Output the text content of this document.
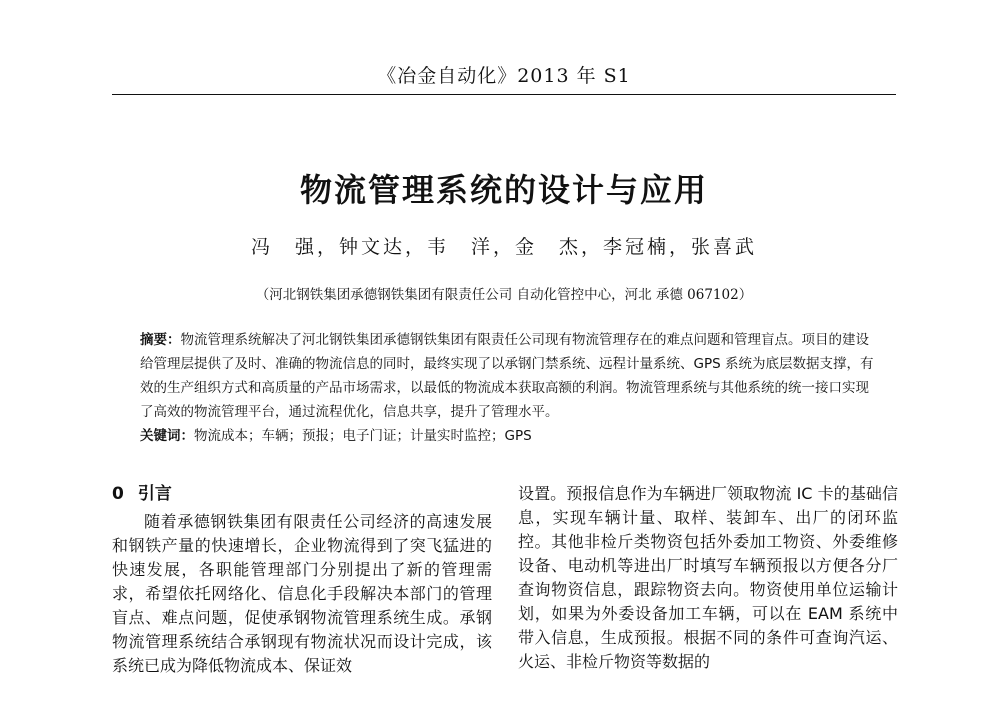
《冶金自动化》2013 年 S1
物流管理系统的设计与应用
冯　强，钟文达，韦　洋，金　杰，李冠楠，张喜武
（河北钢铁集团承德钢铁集团有限责任公司 自动化管控中心，河北 承德 067102）

摘要：物流管理系统解决了河北钢铁集团承德钢铁集团有限责任公司现有物流管理存在的难点问题和管理盲点。项目的建设给管理层提供了及时、准确的物流信息的同时，最终实现了以承钢门禁系统、远程计量系统、GPS 系统为底层数据支撑，有效的生产组织方式和高质量的产品市场需求，以最低的物流成本获取高额的利润。物流管理系统与其他系统的统一接口实现了高效的物流管理平台，通过流程优化，信息共享，提升了管理水平。

关键词：物流成本；车辆；预报；电子门证；计量实时监控；GPS

0 引言

随着承德钢铁集团有限责任公司经济的高速发展和钢铁产量的快速增长，企业物流得到了突飞猛进的快速发展，各职能管理部门分别提出了新的管理需求，希望依托网络化、信息化手段解决本部门的管理盲点、难点问题，促使承钢物流管理系统生成。承钢物流管理系统结合承钢现有物流状况而设计完成，该系统已成为降低物流成本、保证效

设置。预报信息作为车辆进厂领取物流 IC 卡的基础信息，实现车辆计量、取样、装卸车、出厂的闭环监控。其他非检斤类物资包括外委加工物资、外委维修设备、电动机等进出厂时填写车辆预报以方便各分厂查询物资信息，跟踪物资去向。物资使用单位运输计划，如果为外委设备加工车辆，可以在 EAM 系统中带入信息，生成预报。根据不同的条件可查询汽运、火运、非检斤物资等数据的
